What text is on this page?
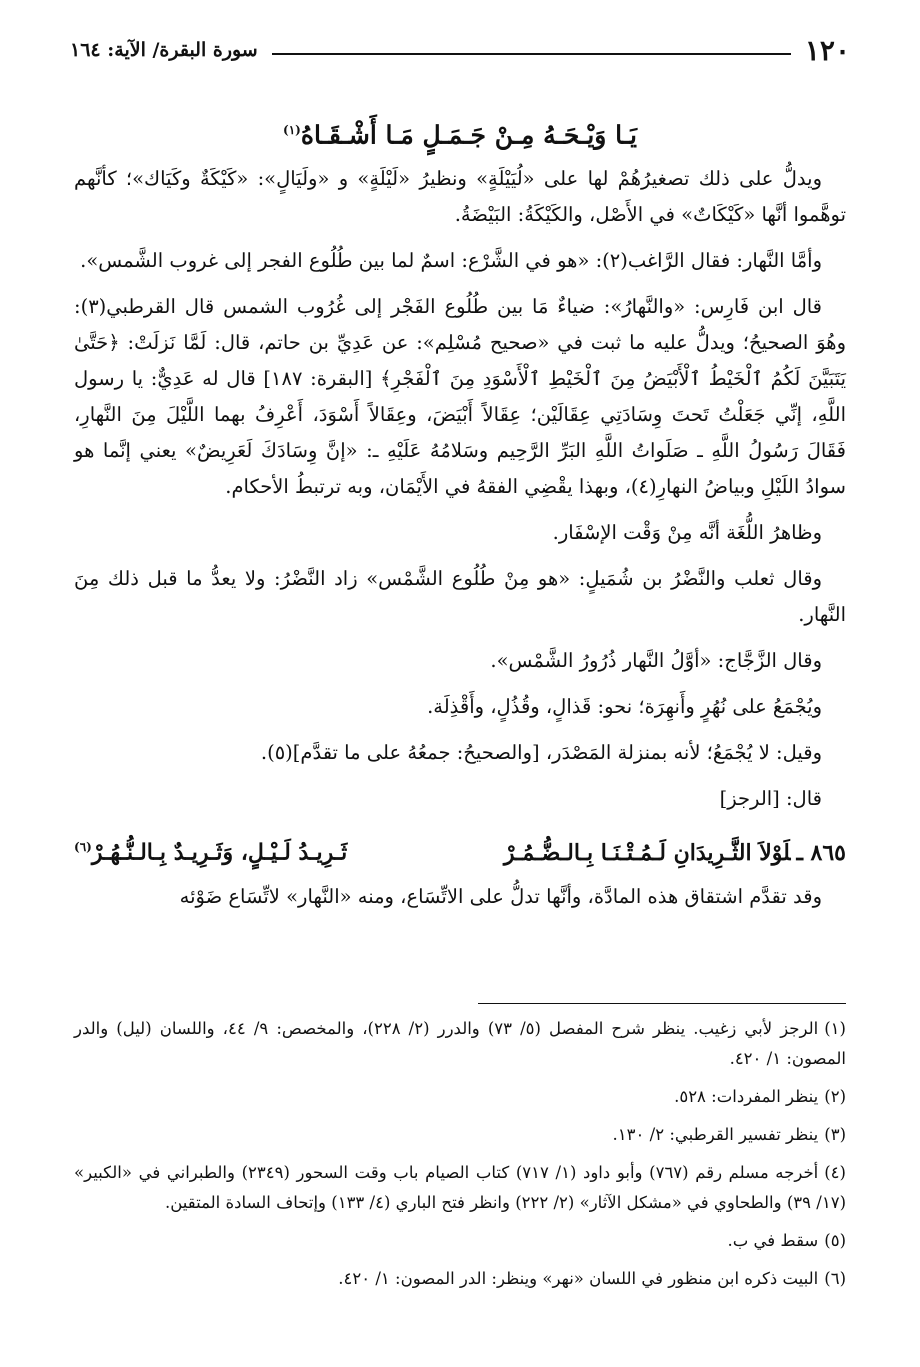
١٢٠
سورة البقرة/ الآية: ١٦٤
يَـا وَيْـحَـهُ مِـنْ جَـمَـلٍ مَـا أَشْـقَـاهُ$^{(١)}$

ويدلُّ على ذلك تصغيرُهُمْ لها على «لُيَيْلَةٍ» ونظيرُ «لَيْلَةٍ» و «ولَيَالٍ»: «كَيْكَةٌ وكَيَاك»؛ كأنَّهم توهَّموا أنَّها «كَيْكَاتٌ» في الأَصْل، والكَيْكَةُ: البَيْضَةُ.

وأمَّا النَّهار: فقال الرَّاغب(٢): «هو في الشَّرْع: اسمٌ لما بين طُلُوع الفجر إلى غروب الشَّمس».

قال ابن فَارِس: «والنَّهارُ»: ضياءٌ مَا بين طُلُوع الفَجْر إلى غُرُوب الشمس قال القرطبي(٣): وهُوَ الصحيحُ؛ ويدلُّ عليه ما ثبت في «صحيح مُسْلِم»: عن عَدِيِّ بن حاتم، قال: لَمَّا نَزلَتْ: ﴿حَتَّىٰ يَتَبَيَّنَ لَكُمُ ٱلْخَيْطُ ٱلْأَبْيَضُ مِنَ ٱلْخَيْطِ ٱلْأَسْوَدِ مِنَ ٱلْفَجْرِ﴾ [البقرة: ١٨٧] قال له عَدِيٌّ: يا رسول اللَّهِ، إنِّي جَعَلْتُ تَحتَ وِسَادَتِي عِقَالَيْن؛ عِقَالاً أَبْيَضَ، وعِقَالاً أَسْوَدَ، أَعْرِفُ بهما اللَّيْلَ مِنَ النَّهارِ، فَقَالَ رَسُولُ اللَّهِ ـ صَلَواتُ اللَّهِ البَرِّ الرَّحِيم وسَلامُهُ عَلَيْهِ ـ: «إنَّ وِسَادَكَ لَعَرِيضٌ» يعني إنَّما هو سوادُ اللَيْلِ وبياضُ النهارِ(٤)، وبهذا يقْضِي الفقهُ في الأَيْمَان، وبه ترتبطُ الأحكام.

وظاهرُ اللُّغَة أنَّه مِنْ وَقْت الإسْفَار.

وقال ثعلب والنَّضْرُ بن شُمَيلٍ: «هو مِنْ طُلُوع الشَّمْس» زاد النَّضْرُ: ولا يعدُّ ما قبل ذلك مِنَ النَّهار.

وقال الزَّجَّاج: «أوَّلُ النَّهار ذُرُورُ الشَّمْس».

ويُجْمَعُ على نُهُرٍ وأَنهِرَة؛ نحو: قَذالٍ، وقُذُلٍ، وأَقْذِلَة.

وقيل: لا يُجْمَعُ؛ لأنه بمنزلة المَصْدَر، [والصحيحُ: جمعُهُ على ما تقدَّم](٥).

قال: [الرجز]

٨٦٥ ـلَوْلاَ الثَّـرِيدَانِ لَـمُـتْـنَـا بِـالـضُّـمُـرْ
ثَـرِيـدُ لَـيْـلٍ، وَثَـرِيـدٌ بِـالـنُّـهُـرْ$^{(٦)}$

وقد تقدَّم اشتقاق هذه المادَّة، وأنَّها تدلُّ على الاتِّسَاع، ومنه «النَّهار» لاتِّسَاع ضَوْئه

(١)الرجز لأبي زغيب. ينظر شرح المفصل (٥/ ٧٣) والدرر (٢/ ٢٢٨)، والمخصص: ٩/ ٤٤، واللسان (ليل) والدر المصون: ١/ ٤٢٠.

(٢)ينظر المفردات: ٥٢٨.

(٣)ينظر تفسير القرطبي: ٢/ ١٣٠.

(٤)أخرجه مسلم رقم (٧٦٧) وأبو داود (١/ ٧١٧) كتاب الصيام باب وقت السحور (٢٣٤٩) والطبراني في «الكبير» (١٧/ ٣٩) والطحاوي في «مشكل الآثار» (٢/ ٢٢٢) وانظر فتح الباري (٤/ ١٣٣) وإتحاف السادة المتقين.

(٥)سقط في ب.

(٦)البيت ذكره ابن منظور في اللسان «نهر» وينظر: الدر المصون: ١/ ٤٢٠.
